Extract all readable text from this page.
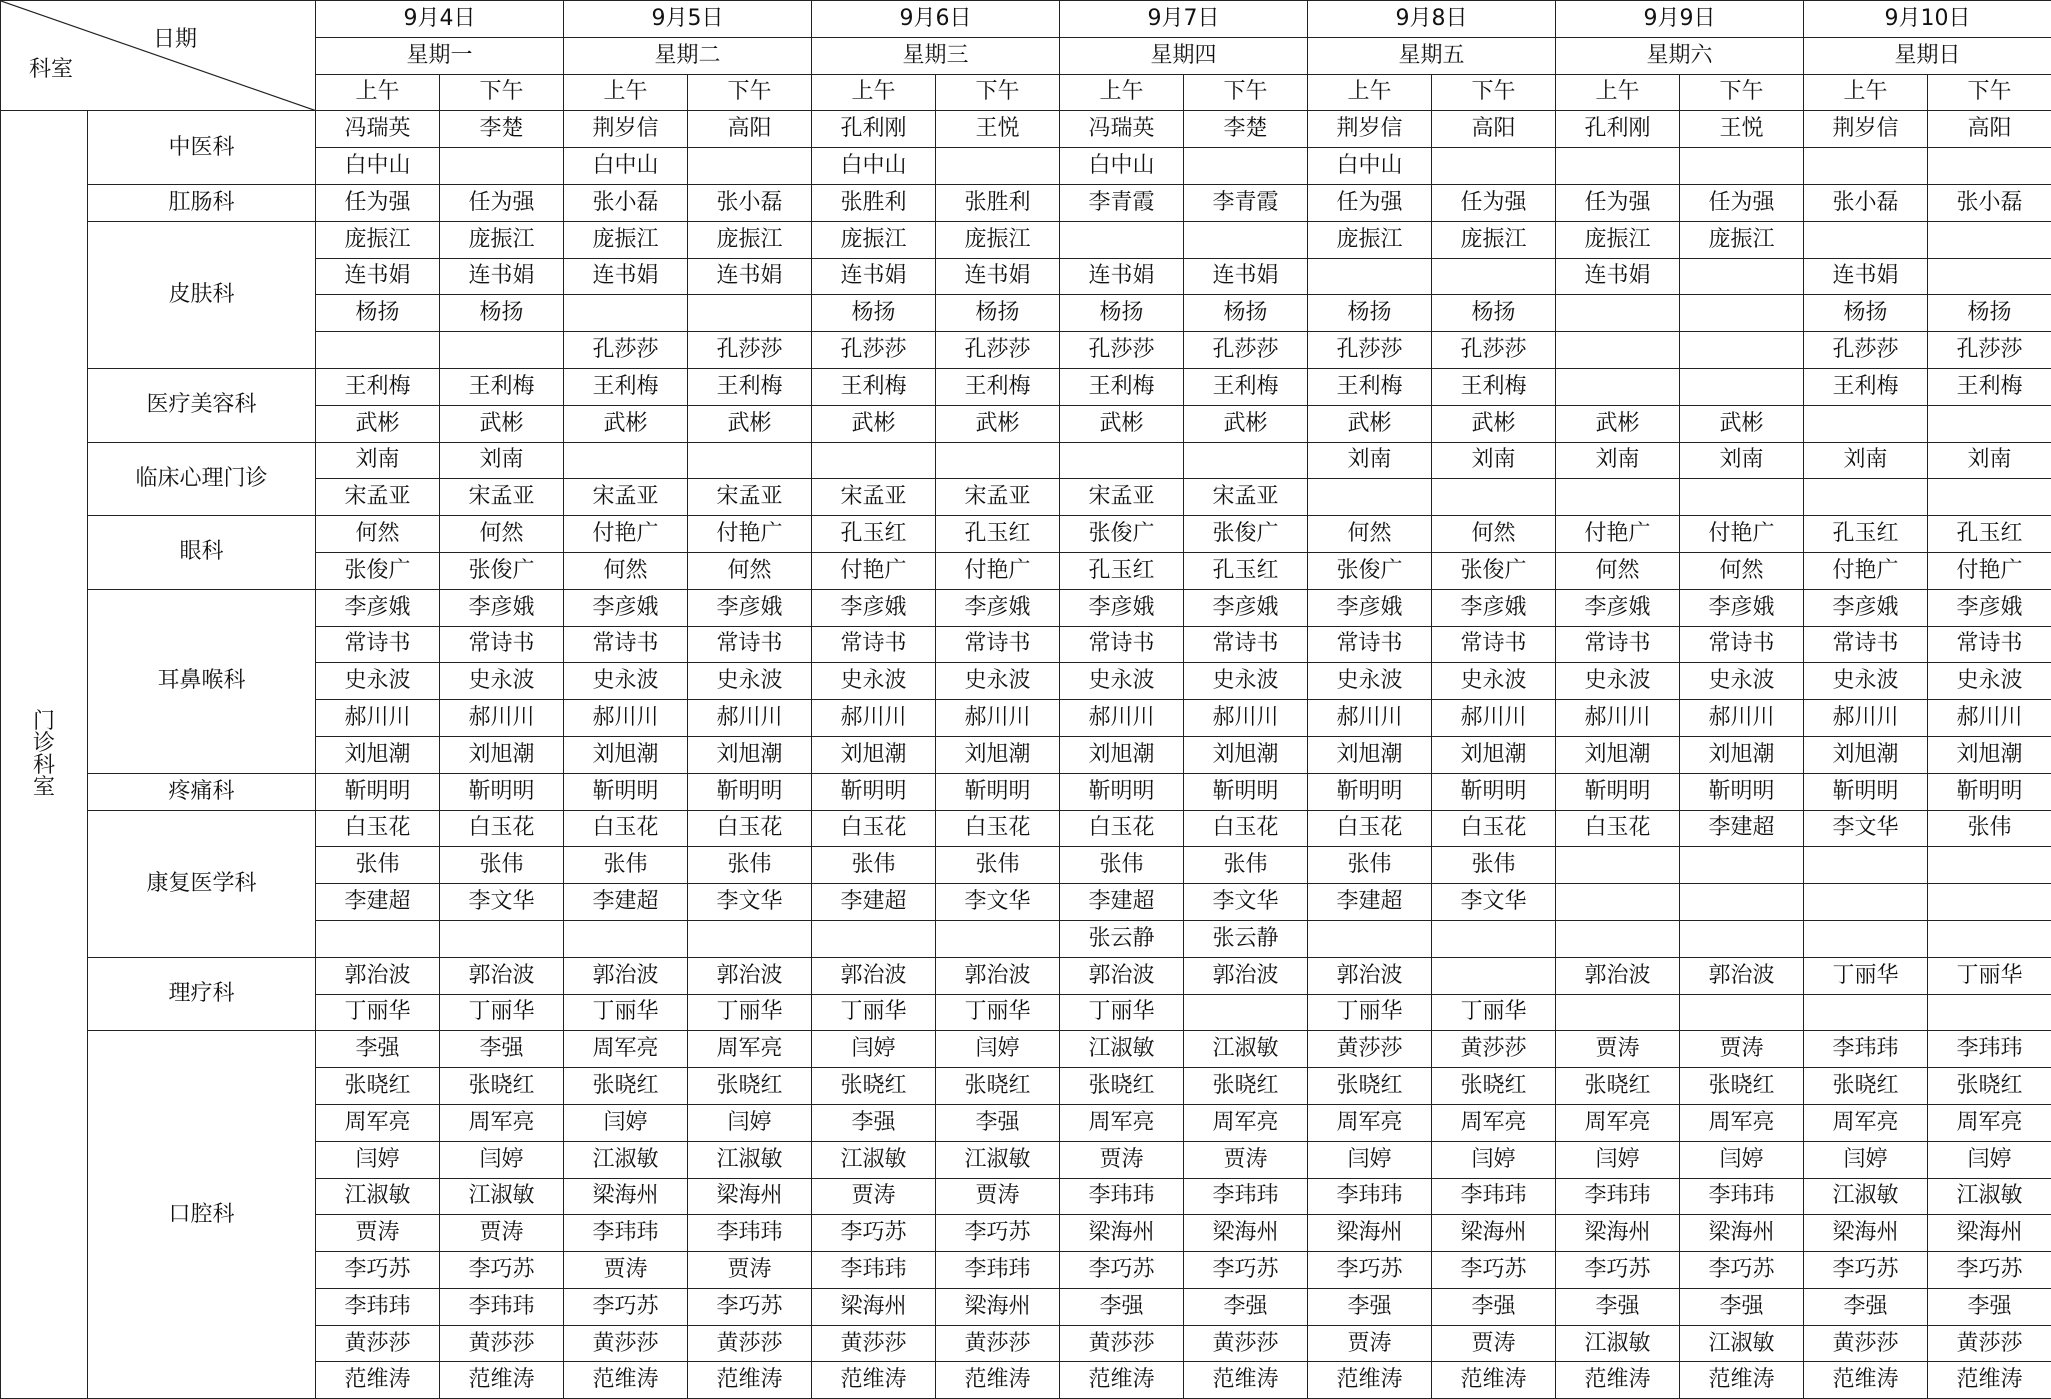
日期
科室		9月4日		9月5日		9月6日		9月7日		9月8日		9月9日		9月10日	
		星期一		星期二		星期三		星期四		星期五		星期六		星期日	
		上午	下午	上午	下午	上午	下午	上午	下午	上午	下午	上午	下午	上午	下午
门诊科室	中医科	冯瑞英	李楚	荆岁信	高阳	孔利刚	王悦	冯瑞英	李楚	荆岁信	高阳	孔利刚	王悦	荆岁信	高阳
		白中山		白中山		白中山		白中山		白中山					
	肛肠科	任为强	任为强	张小磊	张小磊	张胜利	张胜利	李青霞	李青霞	任为强	任为强	任为强	任为强	张小磊	张小磊
	皮肤科	庞振江	庞振江	庞振江	庞振江	庞振江	庞振江			庞振江	庞振江	庞振江	庞振江		
		连书娟	连书娟	连书娟	连书娟	连书娟	连书娟	连书娟	连书娟			连书娟		连书娟	
		杨扬	杨扬			杨扬	杨扬	杨扬	杨扬	杨扬	杨扬			杨扬	杨扬
				孔莎莎	孔莎莎	孔莎莎	孔莎莎	孔莎莎	孔莎莎	孔莎莎	孔莎莎			孔莎莎	孔莎莎
	医疗美容科	王利梅	王利梅	王利梅	王利梅	王利梅	王利梅	王利梅	王利梅	王利梅	王利梅			王利梅	王利梅
		武彬	武彬	武彬	武彬	武彬	武彬	武彬	武彬	武彬	武彬	武彬	武彬		
	临床心理门诊	刘南	刘南							刘南	刘南	刘南	刘南	刘南	刘南
		宋孟亚	宋孟亚	宋孟亚	宋孟亚	宋孟亚	宋孟亚	宋孟亚	宋孟亚						
	眼科	何然	何然	付艳广	付艳广	孔玉红	孔玉红	张俊广	张俊广	何然	何然	付艳广	付艳广	孔玉红	孔玉红
		张俊广	张俊广	何然	何然	付艳广	付艳广	孔玉红	孔玉红	张俊广	张俊广	何然	何然	付艳广	付艳广
	耳鼻喉科	李彦娥	李彦娥	李彦娥	李彦娥	李彦娥	李彦娥	李彦娥	李彦娥	李彦娥	李彦娥	李彦娥	李彦娥	李彦娥	李彦娥
		常诗书	常诗书	常诗书	常诗书	常诗书	常诗书	常诗书	常诗书	常诗书	常诗书	常诗书	常诗书	常诗书	常诗书
		史永波	史永波	史永波	史永波	史永波	史永波	史永波	史永波	史永波	史永波	史永波	史永波	史永波	史永波
		郝川川	郝川川	郝川川	郝川川	郝川川	郝川川	郝川川	郝川川	郝川川	郝川川	郝川川	郝川川	郝川川	郝川川
		刘旭潮	刘旭潮	刘旭潮	刘旭潮	刘旭潮	刘旭潮	刘旭潮	刘旭潮	刘旭潮	刘旭潮	刘旭潮	刘旭潮	刘旭潮	刘旭潮
	疼痛科	靳明明	靳明明	靳明明	靳明明	靳明明	靳明明	靳明明	靳明明	靳明明	靳明明	靳明明	靳明明	靳明明	靳明明
	康复医学科	白玉花	白玉花	白玉花	白玉花	白玉花	白玉花	白玉花	白玉花	白玉花	白玉花	白玉花	李建超	李文华	张伟
		张伟	张伟	张伟	张伟	张伟	张伟	张伟	张伟	张伟	张伟				
		李建超	李文华	李建超	李文华	李建超	李文华	李建超	李文华	李建超	李文华				
								张云静	张云静						
	理疗科	郭治波	郭治波	郭治波	郭治波	郭治波	郭治波	郭治波	郭治波	郭治波		郭治波	郭治波	丁丽华	丁丽华
		丁丽华	丁丽华	丁丽华	丁丽华	丁丽华	丁丽华	丁丽华		丁丽华	丁丽华				
	口腔科	李强	李强	周军亮	周军亮	闫婷	闫婷	江淑敏	江淑敏	黄莎莎	黄莎莎	贾涛	贾涛	李玮玮	李玮玮
		张晓红	张晓红	张晓红	张晓红	张晓红	张晓红	张晓红	张晓红	张晓红	张晓红	张晓红	张晓红	张晓红	张晓红
		周军亮	周军亮	闫婷	闫婷	李强	李强	周军亮	周军亮	周军亮	周军亮	周军亮	周军亮	周军亮	周军亮
		闫婷	闫婷	江淑敏	江淑敏	江淑敏	江淑敏	贾涛	贾涛	闫婷	闫婷	闫婷	闫婷	闫婷	闫婷
		江淑敏	江淑敏	梁海州	梁海州	贾涛	贾涛	李玮玮	李玮玮	李玮玮	李玮玮	李玮玮	李玮玮	江淑敏	江淑敏
		贾涛	贾涛	李玮玮	李玮玮	李巧苏	李巧苏	梁海州	梁海州	梁海州	梁海州	梁海州	梁海州	梁海州	梁海州
		李巧苏	李巧苏	贾涛	贾涛	李玮玮	李玮玮	李巧苏	李巧苏	李巧苏	李巧苏	李巧苏	李巧苏	李巧苏	李巧苏
		李玮玮	李玮玮	李巧苏	李巧苏	梁海州	梁海州	李强	李强	李强	李强	李强	李强	李强	李强
		黄莎莎	黄莎莎	黄莎莎	黄莎莎	黄莎莎	黄莎莎	黄莎莎	黄莎莎	贾涛	贾涛	江淑敏	江淑敏	黄莎莎	黄莎莎
		范维涛	范维涛	范维涛	范维涛	范维涛	范维涛	范维涛	范维涛	范维涛	范维涛	范维涛	范维涛	范维涛	范维涛
